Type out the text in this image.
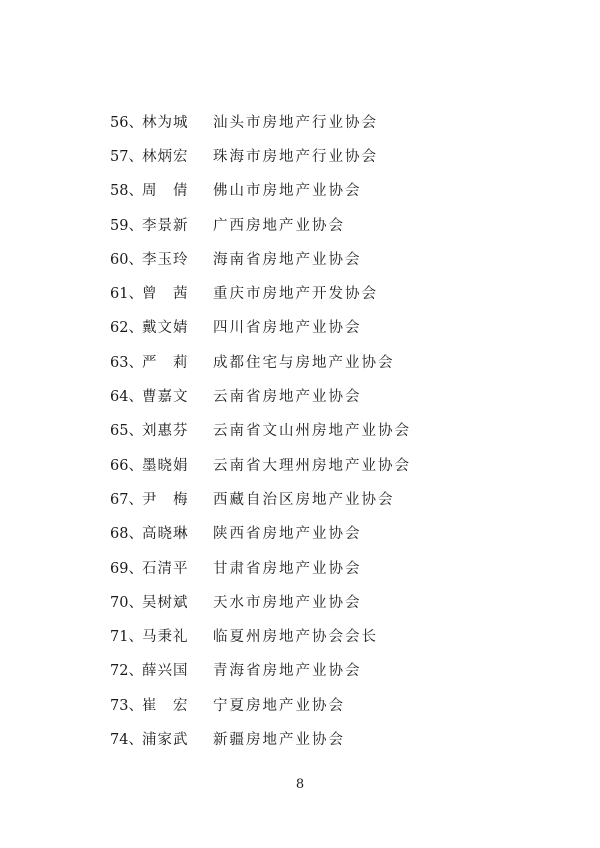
56、 林为城	汕头市房地产行业协会
57、 林炳宏	珠海市房地产行业协会
58、 周　倩	佛山市房地产业协会
59、 李景新	广西房地产业协会
60、 李玉玲	海南省房地产业协会
61、 曾　茜	重庆市房地产开发协会
62、 戴文婧	四川省房地产业协会
63、 严　莉	成都住宅与房地产业协会
64、 曹嘉文	云南省房地产业协会
65、 刘惠芬	云南省文山州房地产业协会
66、 墨晓娟	云南省大理州房地产业协会
67、 尹　梅	西藏自治区房地产业协会
68、 高晓琳	陕西省房地产业协会
69、 石清平	甘肃省房地产业协会
70、 吴树斌	天水市房地产业协会
71、 马秉礼	临夏州房地产协会会长
72、 薛兴国	青海省房地产业协会
73、 崔　宏	宁夏房地产业协会
74、 浦家武	新疆房地产业协会
8
